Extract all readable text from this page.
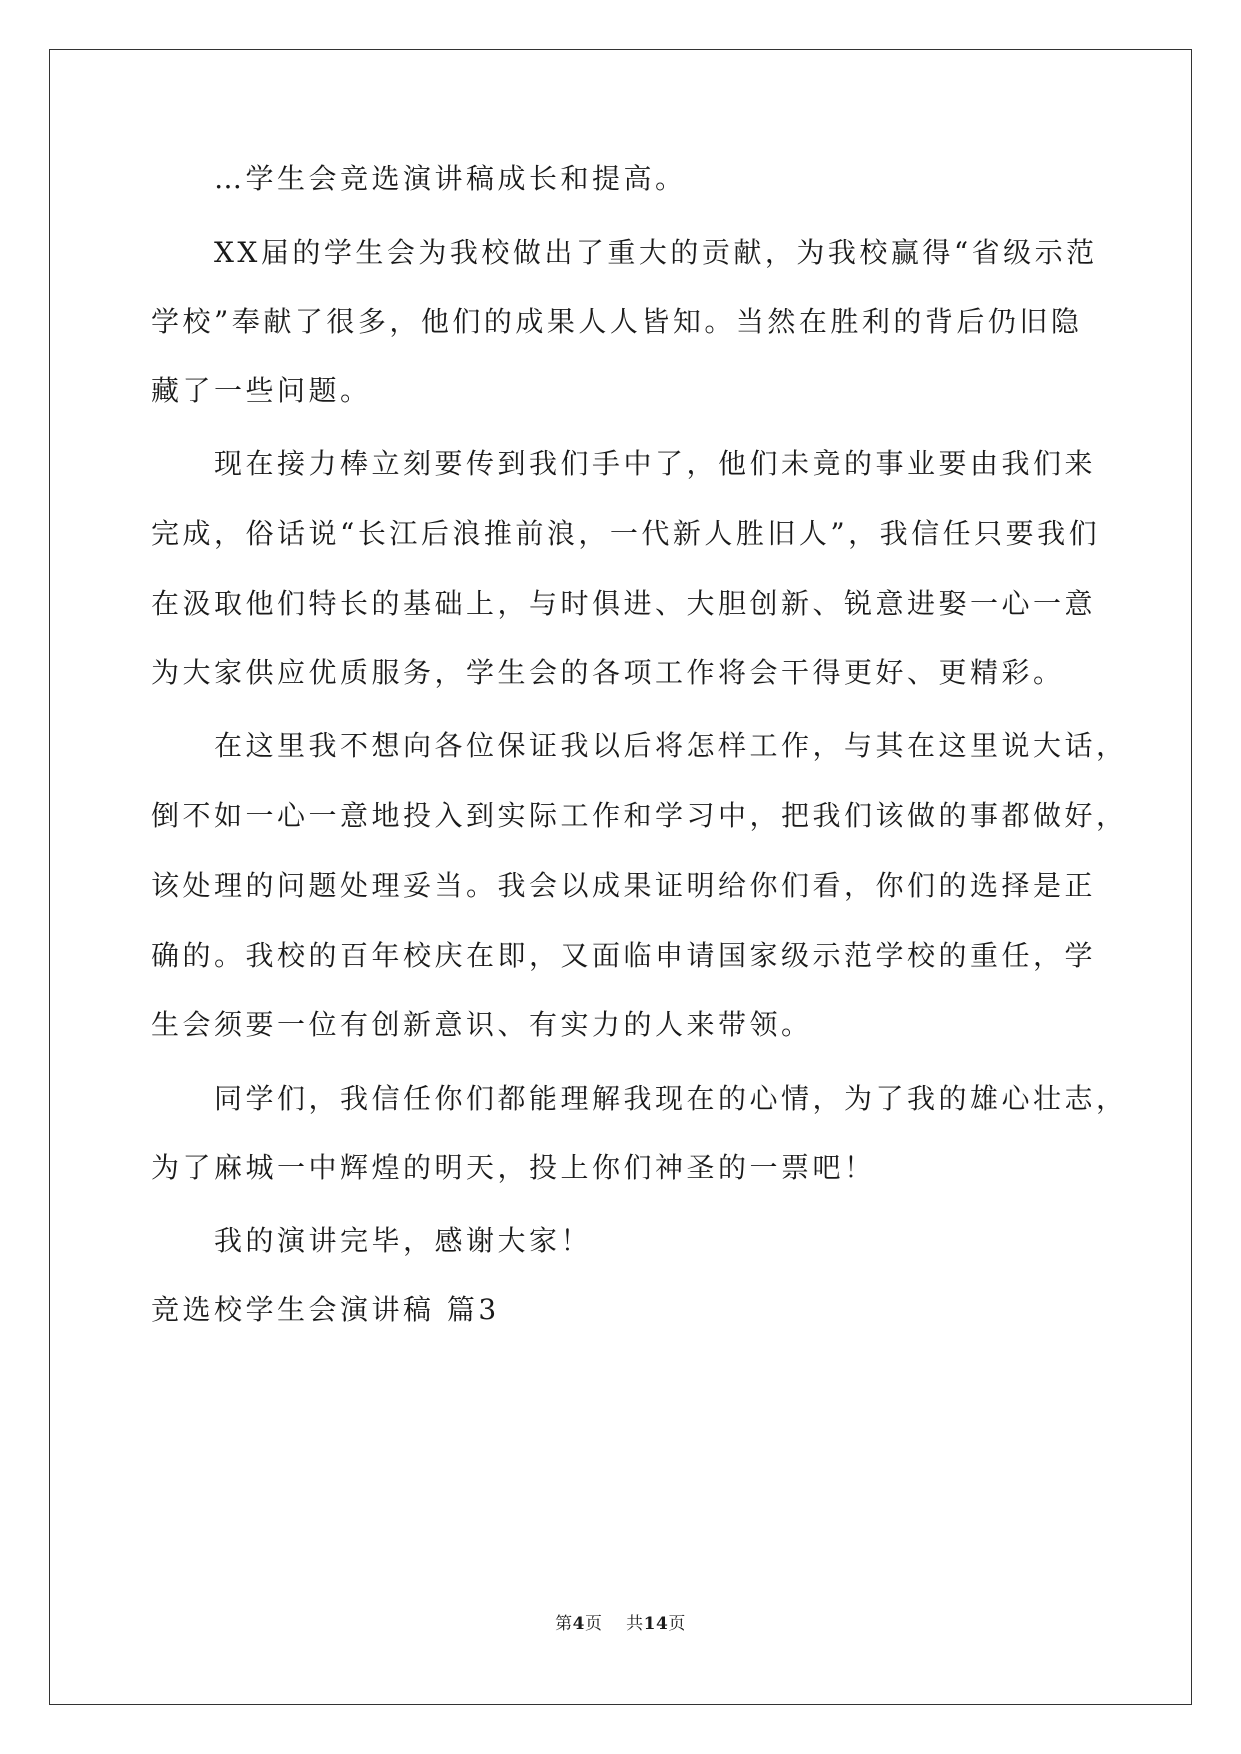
…学生会竞选演讲稿成长和提高。
XX届的学生会为我校做出了重大的贡献，为我校赢得“省级示范
学校”奉献了很多，他们的成果人人皆知。当然在胜利的背后仍旧隐
藏了一些问题。
现在接力棒立刻要传到我们手中了，他们未竟的事业要由我们来
完成，俗话说“长江后浪推前浪，一代新人胜旧人”，我信任只要我们
在汲取他们特长的基础上，与时俱进、大胆创新、锐意进娶一心一意
为大家供应优质服务，学生会的各项工作将会干得更好、更精彩。
在这里我不想向各位保证我以后将怎样工作，与其在这里说大话，
倒不如一心一意地投入到实际工作和学习中，把我们该做的事都做好，
该处理的问题处理妥当。我会以成果证明给你们看，你们的选择是正
确的。我校的百年校庆在即，又面临申请国家级示范学校的重任，学
生会须要一位有创新意识、有实力的人来带领。
同学们，我信任你们都能理解我现在的心情，为了我的雄心壮志，
为了麻城一中辉煌的明天，投上你们神圣的一票吧！
我的演讲完毕，感谢大家！
竞选校学生会演讲稿 篇3
第4页 共14页
